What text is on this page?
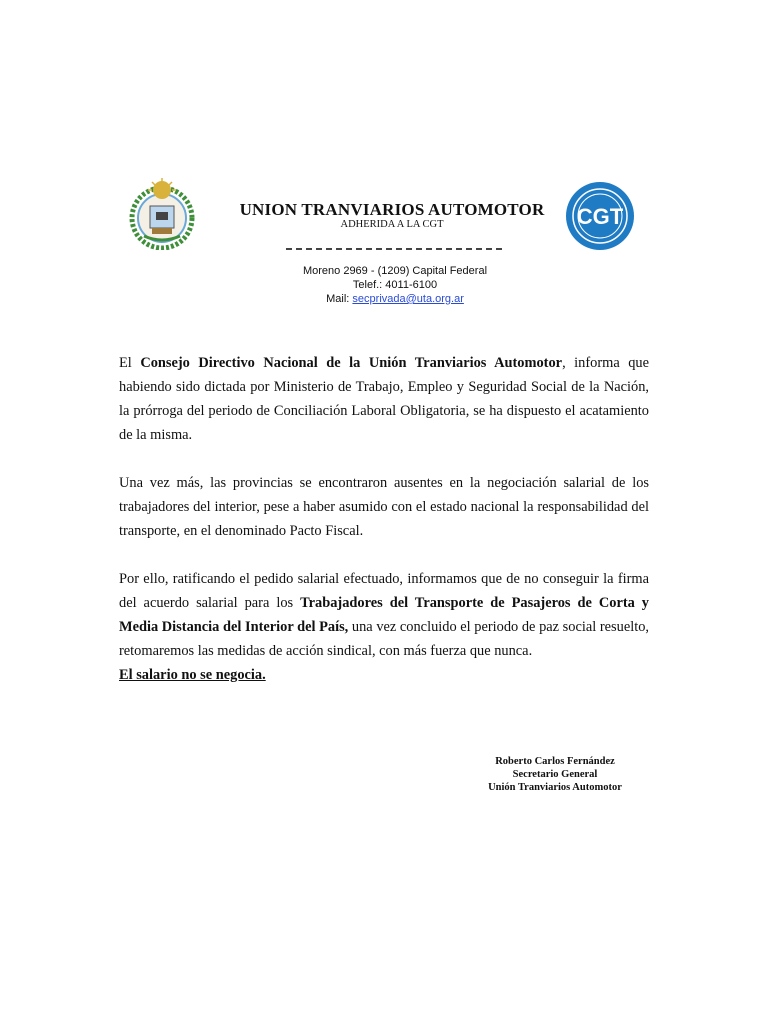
CGT
UNION TRANVIARIOS AUTOMOTOR
ADHERIDA A LA CGT
Moreno 2969 - (1209) Capital Federal
Telef.: 4011-6100
Mail: secprivada@uta.org.ar

El Consejo Directivo Nacional de la Unión Tranviarios Automotor, informa que habiendo sido dictada por Ministerio de Trabajo, Empleo y Seguridad Social de la Nación, la prórroga del periodo de Conciliación Laboral Obligatoria, se ha dispuesto el acatamiento de la misma.

Una vez más, las provincias se encontraron ausentes en la negociación salarial de los trabajadores del interior, pese a haber asumido con el estado nacional la responsabilidad del transporte, en el denominado Pacto Fiscal.

Por ello, ratificando el pedido salarial efectuado, informamos que de no conseguir la firma del acuerdo salarial para los Trabajadores del Transporte de Pasajeros de Corta y Media Distancia del Interior del País, una vez concluido el periodo de paz social resuelto, retomaremos las medidas de acción sindical, con más fuerza que nunca.

El salario no se negocia.
Roberto Carlos Fernández
Secretario General
Unión Tranviarios Automotor
